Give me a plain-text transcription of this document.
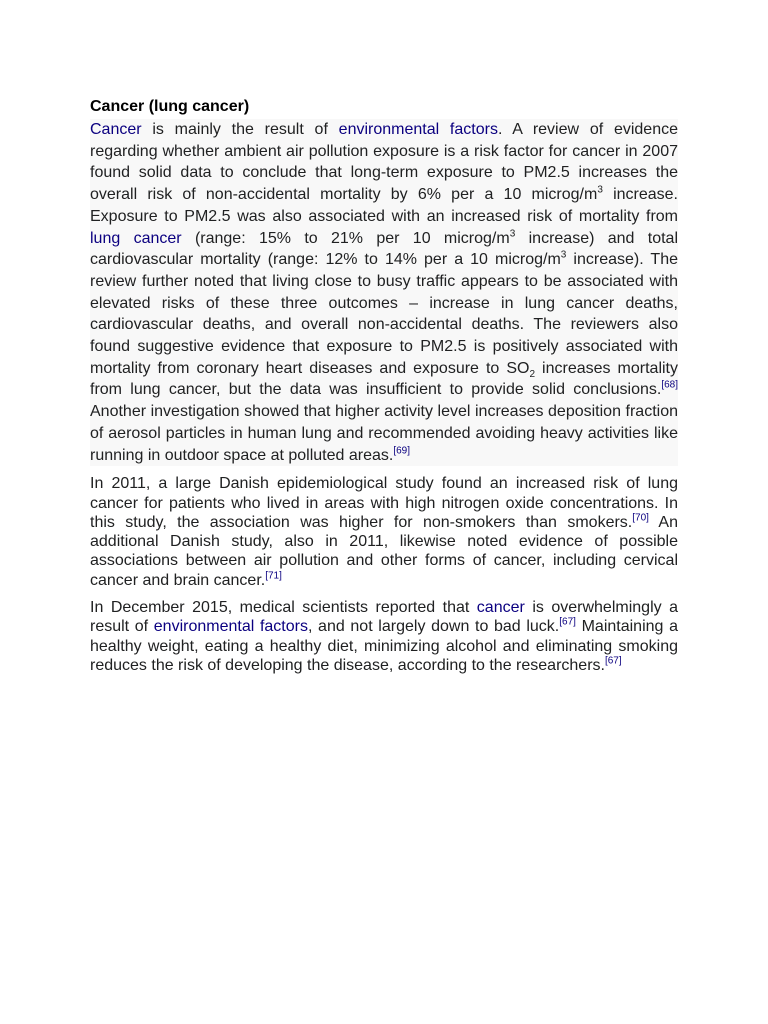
Cancer (lung cancer)

Cancer is mainly the result of environmental factors. A review of evidence regarding whether ambient air pollution exposure is a risk factor for cancer in 2007 found solid data to conclude that long-term exposure to PM2.5 increases the overall risk of non-accidental mortality by 6% per a 10 microg/$m^3$ increase. Exposure to PM2.5 was also associated with an increased risk of mortality from lung cancer (range: 15% to 21% per 10 microg/$m^3$ increase) and total cardiovascular mortality (range: 12% to 14% per a 10 microg/$m^3$ increase). The review further noted that living close to busy traffic appears to be associated with elevated risks of these three outcomes – increase in lung cancer deaths, cardiovascular deaths, and overall non-accidental deaths. The reviewers also found suggestive evidence that exposure to PM2.5 is positively associated with mortality from coronary heart diseases and exposure to $SO_2$ increases mortality from lung cancer, but the data was insufficient to provide solid conclusions.[68] Another investigation showed that higher activity level increases deposition fraction of aerosol particles in human lung and recommended avoiding heavy activities like running in outdoor space at polluted areas.[69]

In 2011, a large Danish epidemiological study found an increased risk of lung cancer for patients who lived in areas with high nitrogen oxide concentrations. In this study, the association was higher for non-smokers than smokers.[70] An additional Danish study, also in 2011, likewise noted evidence of possible associations between air pollution and other forms of cancer, including cervical cancer and brain cancer.[71]

In December 2015, medical scientists reported that cancer is overwhelmingly a result of environmental factors, and not largely down to bad luck.[67] Maintaining a healthy weight, eating a healthy diet, minimizing alcohol and eliminating smoking reduces the risk of developing the disease, according to the researchers.[67]
